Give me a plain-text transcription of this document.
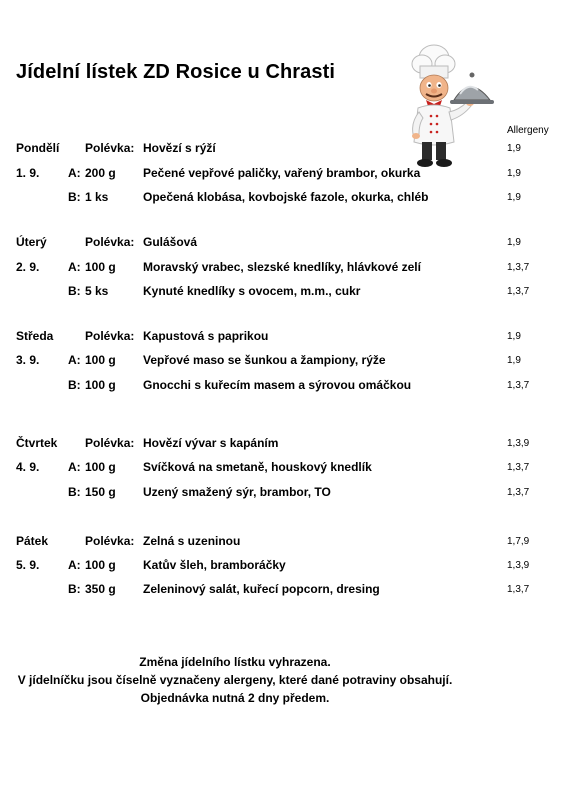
Jídelní lístek ZD Rosice u Chrasti
Allergeny
Pondělí Polévka: Hovězí s rýží	1,9
1. 9. A: 200 g Pečené vepřové paličky, vařený brambor, okurka	1,9
B: 1 ks	Opečená klobása, kovbojské fazole, okurka, chléb	1,9
Úterý	Polévka: Gulášová	1,9
2. 9. A: 100 g Moravský vrabec, slezské knedlíky, hlávkové zelí	1,3,7
B: 5 ks	Kynuté knedlíky s ovocem, m.m., cukr	1,3,7
Středa	Polévka: Kapustová s paprikou	1,9
3. 9. A: 100 g Vepřové maso se šunkou a žampiony, rýže	1,9
B: 100 g Gnocchi s kuřecím masem a sýrovou omáčkou	1,3,7
Čtvrtek Polévka: Hovězí vývar s kapáním	1,3,9
4. 9. A: 100 g Svíčková na smetaně, houskový knedlík	1,3,7
B: 150 g Uzený smažený sýr, brambor, TO	1,3,7
Pátek	Polévka: Zelná s uzeninou	1,7,9
5. 9. A: 100 g Katův šleh, bramboráčky	1,3,9
B: 350 g Zeleninový salát, kuřecí popcorn, dresing	1,3,7
Změna jídelního lístku vyhrazena.
V jídelníčku jsou číselně vyznačeny alergeny, které dané potraviny obsahují.
Objednávka nutná 2 dny předem.
